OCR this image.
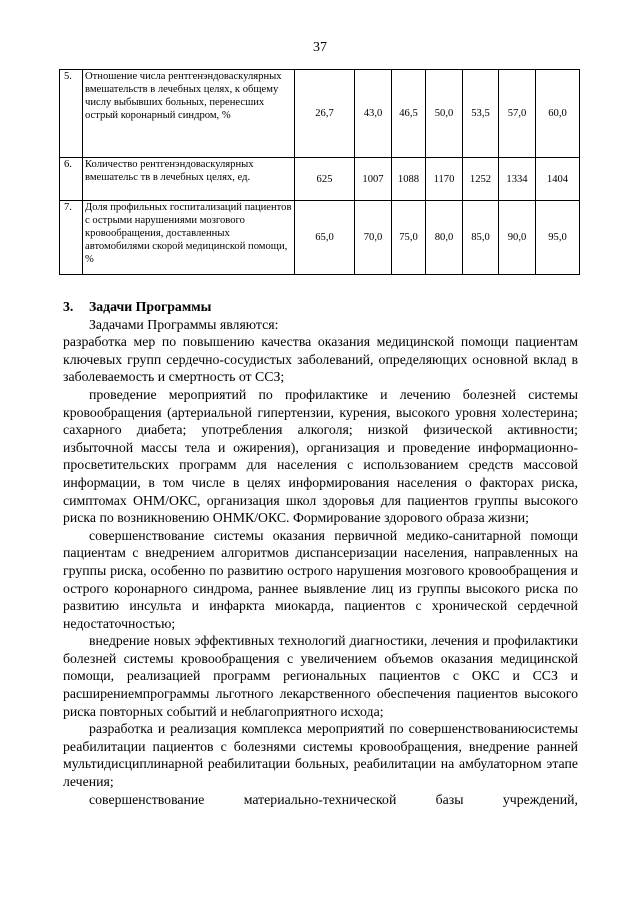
37
5.	Отношение числа рентгенэндоваскулярных вмешательств в лечебных целях, к общему числу выбывших больных, перенесших острый коронарный синдром, %	26,7	43,0	46,5	50,0	53,5	57,0	60,0
6.	Количество рентгенэндоваскулярных вмешательс тв в лечебных целях, ед.	625	1007	1088	1170	1252	1334	1404
7.	Доля профильных госпитализаций пациентов с острыми нарушениями мозгового кровообращения, доставленных автомобилями скорой медицинской помощи, %	65,0	70,0	75,0	80,0	85,0	90,0	95,0

3. Задачи Программы

Задачами Программы являются:

разработка мер по повышению качества оказания медицинской помощи пациентам ключевых групп сердечно-сосудистых заболеваний, определяющих основной вклад в заболеваемость и смертность от ССЗ;

проведение мероприятий по профилактике и лечению болезней системы кровообращения (артериальной гипертензии, курения, высокого уровня холестерина; сахарного диабета; употребления алкоголя; низкой физической активности; избыточной массы тела и ожирения), организация и проведение информационно-просветительских программ для населения с использованием средств массовой информации, в том числе в целях информирования населения о факторах риска, симптомах ОНМ/ОКС, организация школ здоровья для пациентов группы высокого риска по возникновению ОНМК/ОКС. Формирование здорового образа жизни;

совершенствование системы оказания первичной медико-санитарной помощи пациентам с внедрением алгоритмов диспансеризации населения, направленных на группы риска, особенно по развитию острого нарушения мозгового кровообращения и острого коронарного синдрома, раннее выявление лиц из группы высокого риска по развитию инсульта и инфаркта миокарда, пациентов с хронической сердечной недостаточностью;

внедрение новых эффективных технологий диагностики, лечения и профилактики болезней системы кровообращения с увеличением объемов оказания медицинской помощи, реализацией программ региональных пациентов с ОКС и ССЗ и расширениемпрограммы льготного лекарственного обеспечения пациентов высокого риска повторных событий и неблагоприятного исхода;

разработка и реализация комплекса мероприятий по совершенствованиюсистемы реабилитации пациентов с болезнями системы кровообращения, внедрение ранней мультидисциплинарной реабилитации больных, реабилитации на амбулаторном этапе лечения;

совершенствование материально-технической базы учреждений,
